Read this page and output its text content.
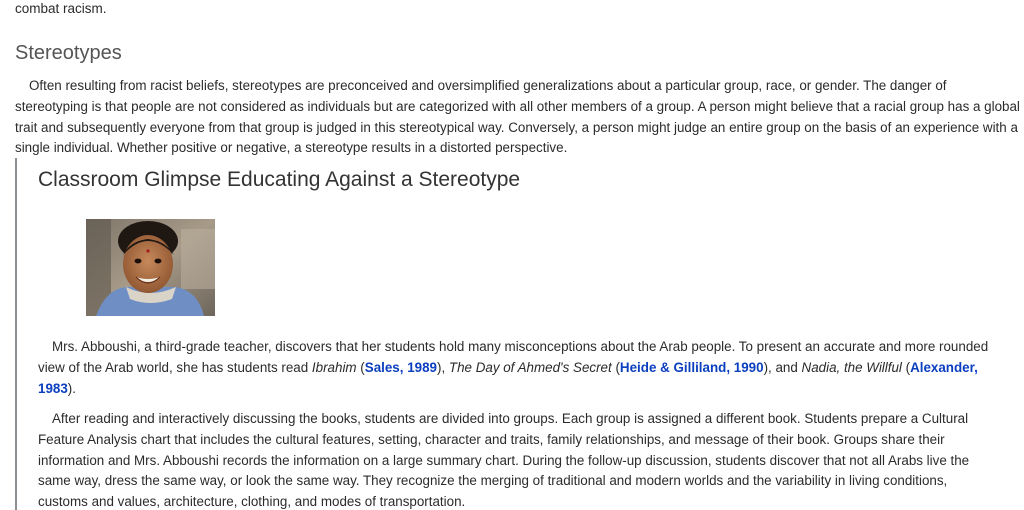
combat racism.
Stereotypes

Often resulting from racist beliefs, stereotypes are preconceived and oversimplified generalizations about a particular group, race, or gender. The danger of stereotyping is that people are not considered as individuals but are categorized with all other members of a group. A person might believe that a racial group has a global trait and subsequently everyone from that group is judged in this stereotypical way. Conversely, a person might judge an entire group on the basis of an experience with a single individual. Whether positive or negative, a stereotype results in a distorted perspective.

Classroom Glimpse Educating Against a Stereotype

Mrs. Abboushi, a third-grade teacher, discovers that her students hold many misconceptions about the Arab people. To present an accurate and more rounded view of the Arab world, she has students read Ibrahim (Sales, 1989), The Day of Ahmed's Secret (Heide & Gilliland, 1990), and Nadia, the Willful (Alexander, 1983).

After reading and interactively discussing the books, students are divided into groups. Each group is assigned a different book. Students prepare a Cultural Feature Analysis chart that includes the cultural features, setting, character and traits, family relationships, and message of their book. Groups share their information and Mrs. Abboushi records the information on a large summary chart. During the follow-up discussion, students discover that not all Arabs live the same way, dress the same way, or look the same way. They recognize the merging of traditional and modern worlds and the variability in living conditions, customs and values, architecture, clothing, and modes of transportation.
